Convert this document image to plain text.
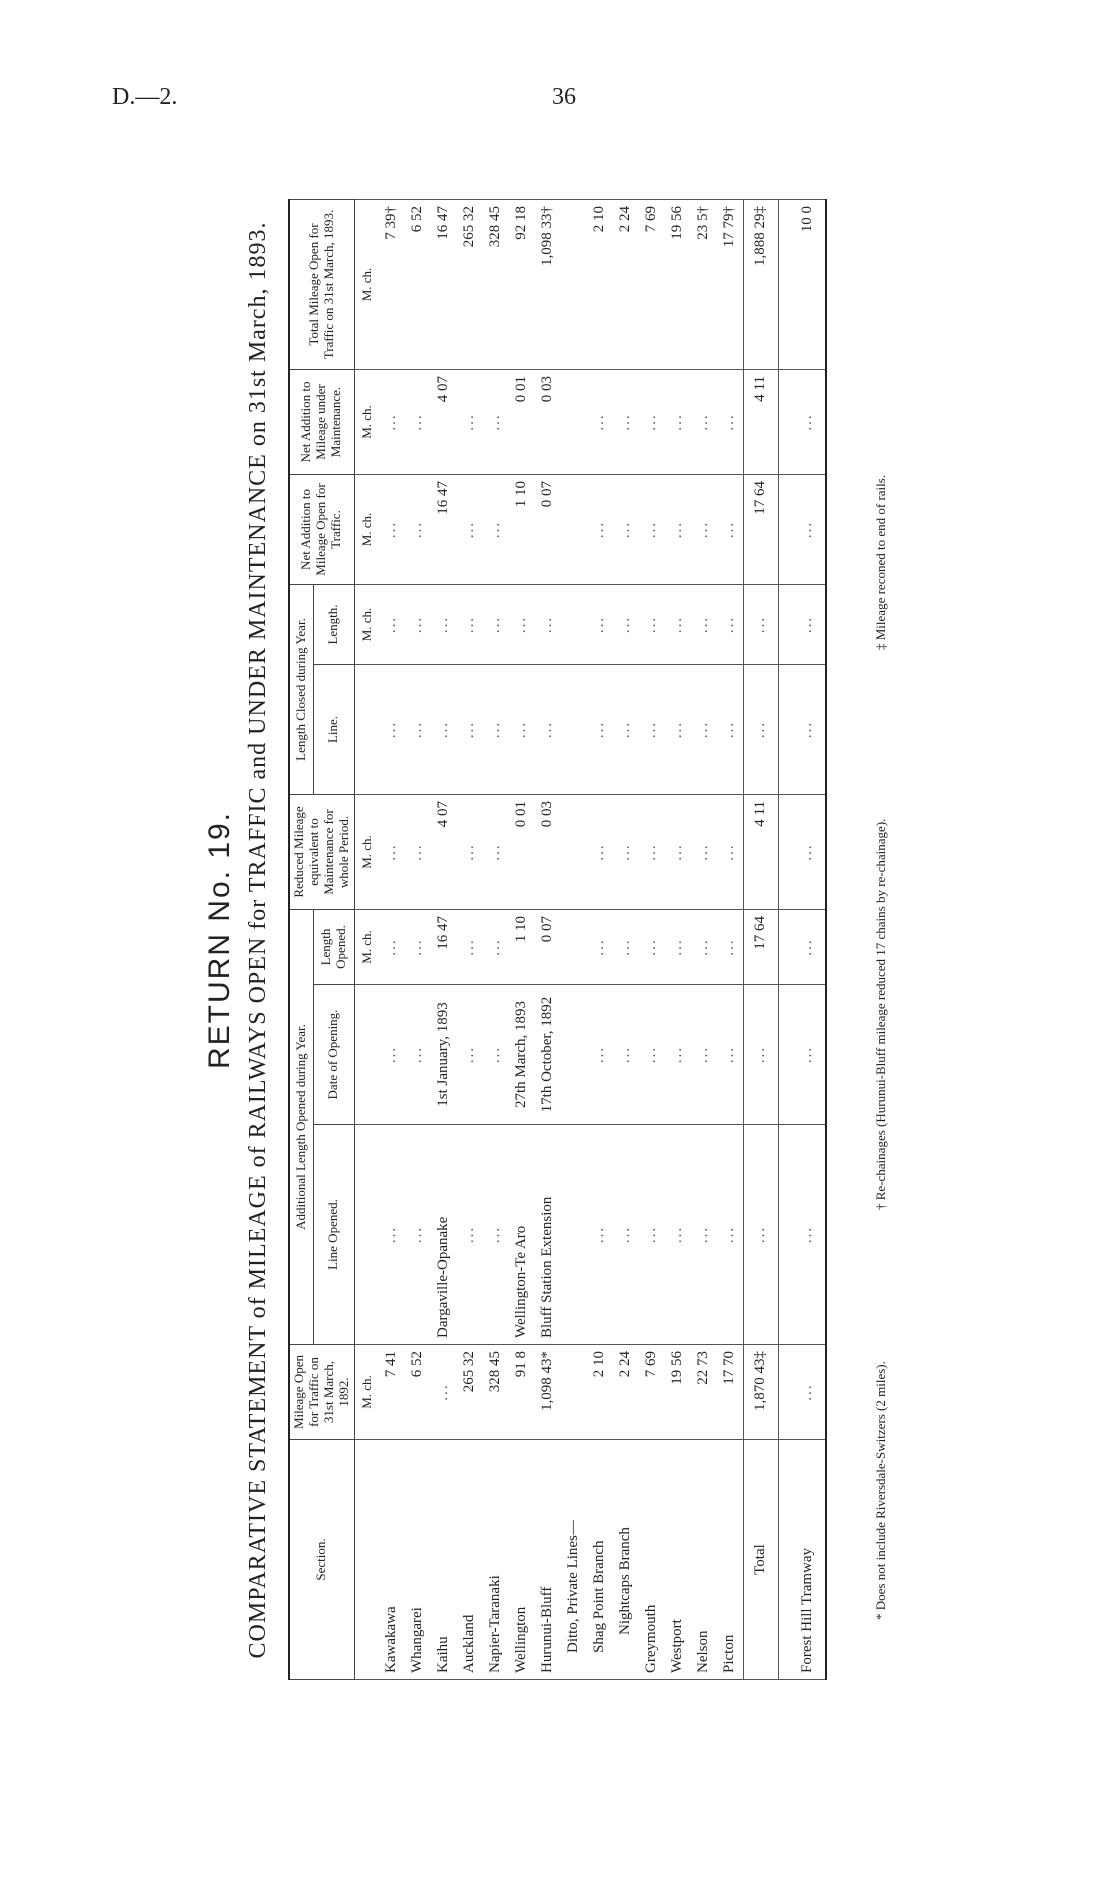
D.—2.	36
RETURN No. 19. COMPARATIVE STATEMENT of MILEAGE of RAILWAYS OPEN for TRAFFIC and UNDER MAINTENANCE on 31st March, 1893.	Section.	Mileage Open for Traffic on 31st March, 1892.	Additional Length Opened during Year.			Reduced Mileage equivalent to Maintenance for whole Period.	Length Closed during Year.		Net Addition to Mileage Open for Traffic.	Net Addition to Mileage under Maintenance.	Total Mileage Open for Traffic on 31st March, 1893.
		Line Opened.	Date of Opening.	Length Opened.		Line.	Length.			
	M. ch.			M. ch.	M. ch.		M. ch.	M. ch.	M. ch.	M. ch.
Kawakawa	7 41	...	...	...	...	...	...	...	...	7 39†
Whangarei	6 52	...	...	...	...	...	...	...	...	6 52
Kaihu	...	Dargaville-Opanake	1st January, 1893	16 47	4 07	...	...	16 47	4 07	16 47
Auckland	265 32	...	...	...	...	...	...	...	...	265 32
Napier-Taranaki	328 45	...	...	...	...	...	...	...	...	328 45
Wellington	91 8	Wellington-Te Aro	27th March, 1893	1 10	0 01	...	...	1 10	0 01	92 18
Hurunui-Bluff	1,098 43*	Bluff Station Extension	17th October, 1892	0 07	0 03	...	...	0 07	0 03	1,098 33†
Ditto, Private Lines—										
Shag Point Branch	2 10	...	...	...	...	...	...	...	...	2 10
Nightcaps Branch	2 24	...	...	...	...	...	...	...	...	2 24
Greymouth	7 69	...	...	...	...	...	...	...	...	7 69
Westport	19 56	...	...	...	...	...	...	...	...	19 56
Nelson	22 73	...	...	...	...	...	...	...	...	23 5†
Picton	17 70	...	...	...	...	...	...	...	...	17 79†
Total	1,870 43‡	...	...	17 64	4 11	...	...	17 64	4 11	1,888 29‡

Forest Hill Tramway	...	...	...	...	...	...	...	...	...	10 0
* Does not include Riversdale-Switzers (2 miles).
† Re-chainages (Hurunui-Bluff mileage reduced 17 chains by re-chainage).
‡ Mileage reconed to end of rails.
